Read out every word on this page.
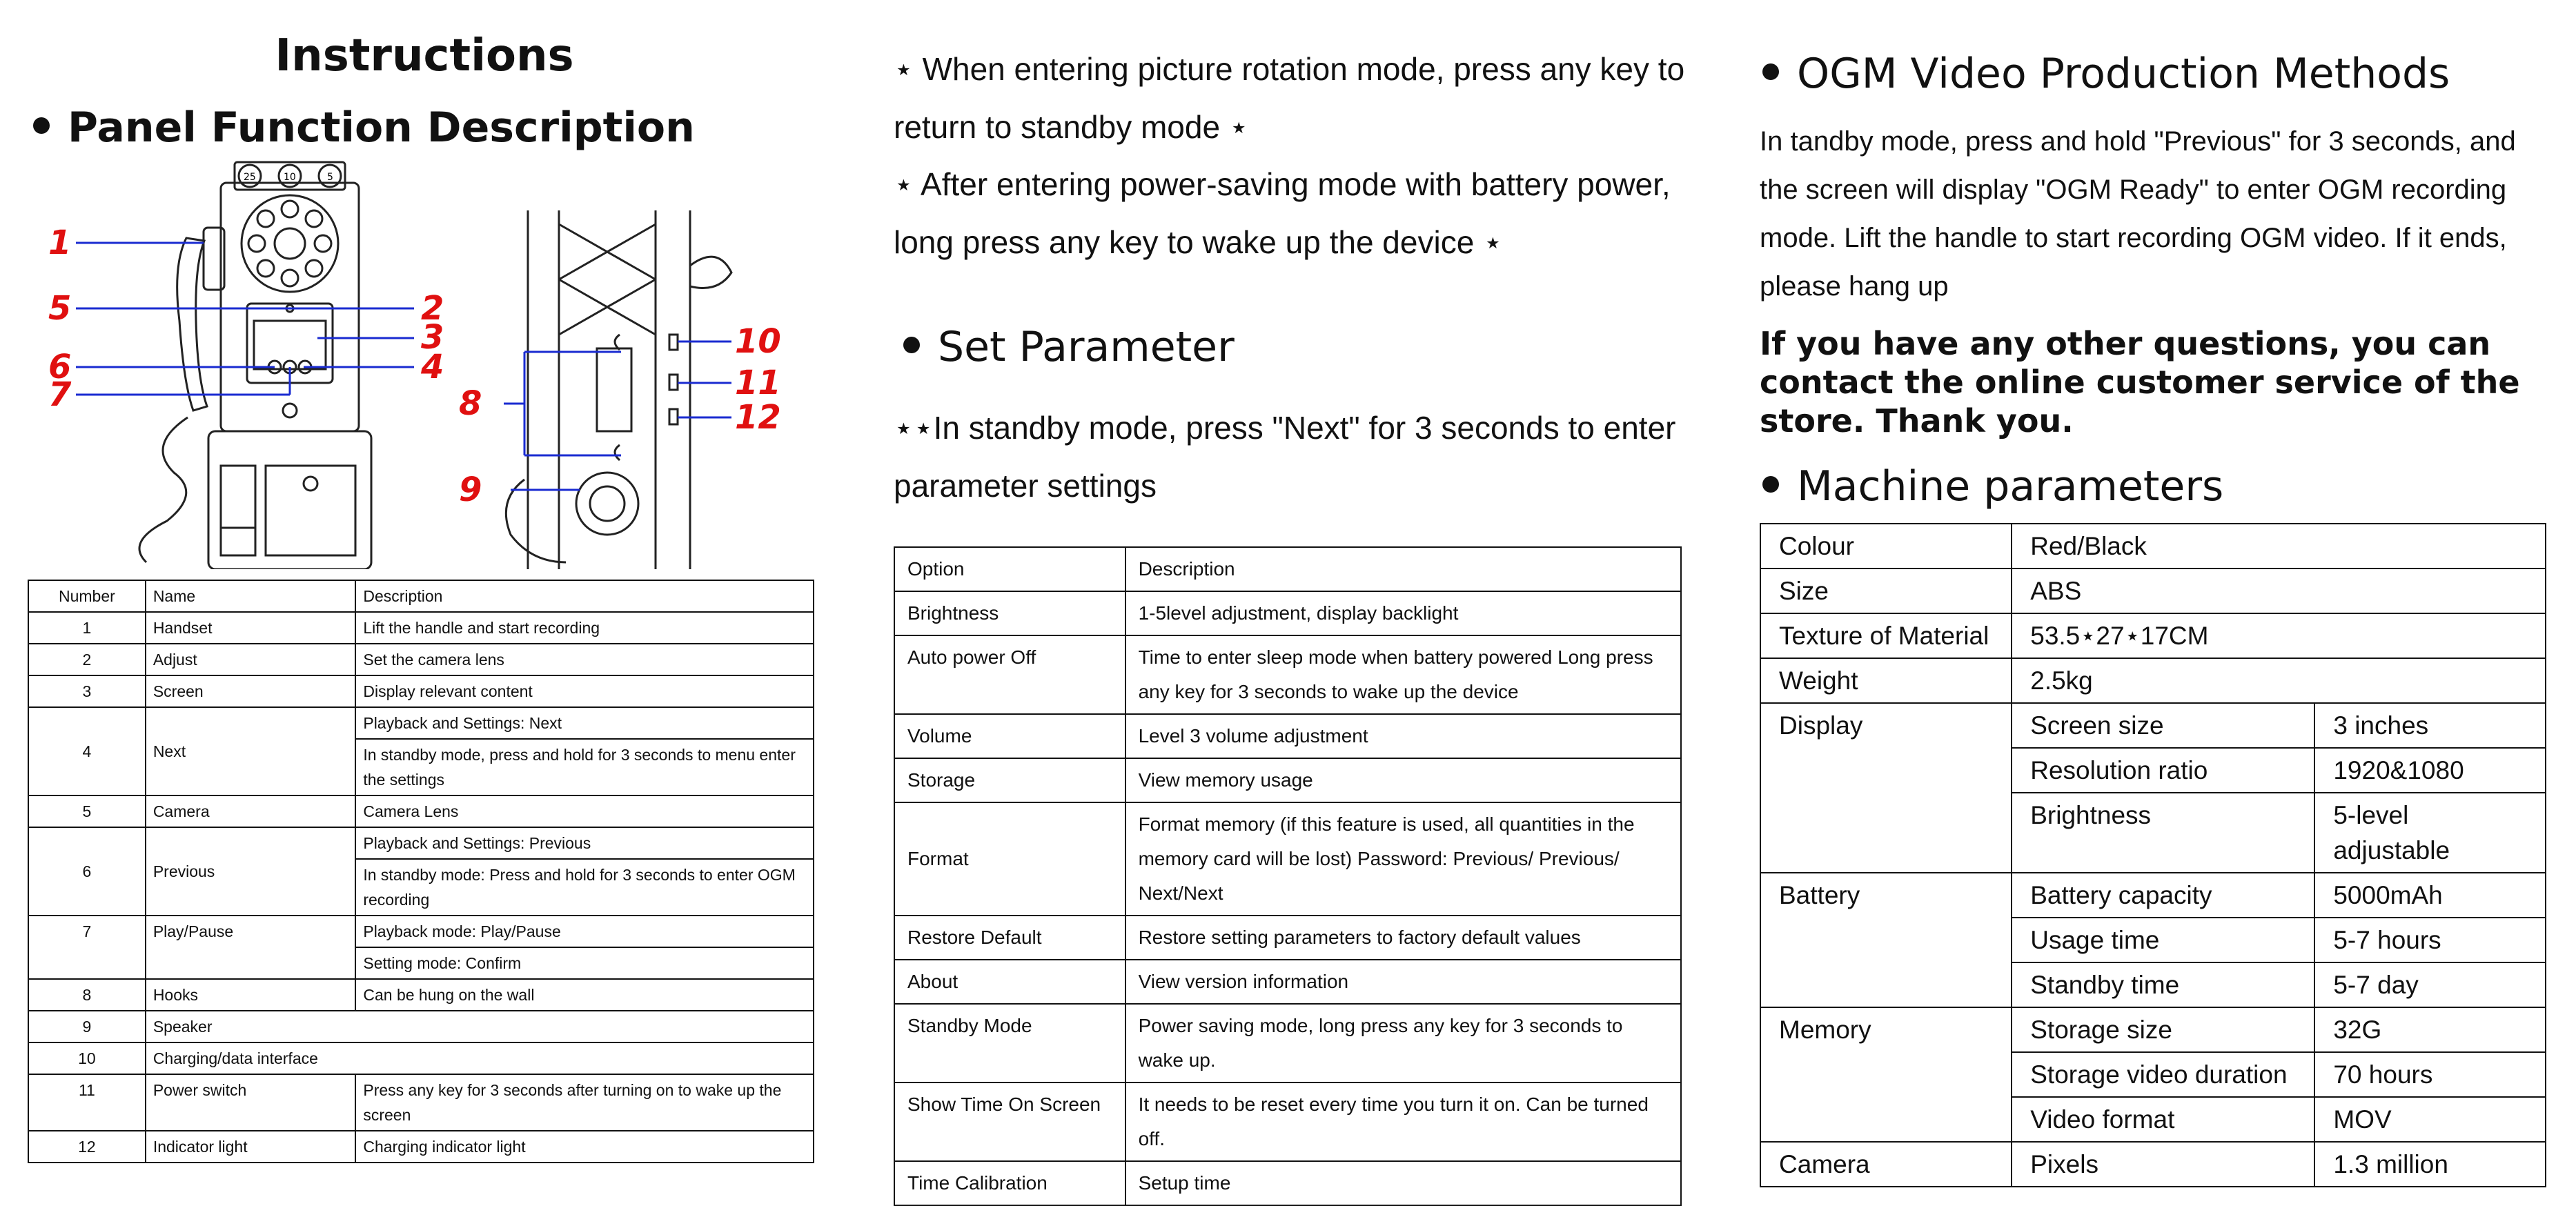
Instructions
Panel Function Description
1
2
3
4
5
6
7	8
9
10
11
12
25	10	5
Number	Name	Description
1	Handset	Lift the handle and start recording
2	Adjust	Set the camera lens
3	Screen	Display relevant content
4	Next	Playback and Settings: Next
		In standby mode, press and hold for 3 seconds to menu enter the settings
5	Camera	Camera Lens
6	Previous	Playback and Settings: Previous
		In standby mode: Press and hold for 3 seconds to enter OGM recording
7	Play/Pause	Playback mode: Play/Pause
		Setting mode: Confirm
8	Hooks	Can be hung on the wall
9	Speaker	
10	Charging/data interface	
11	Power switch	Press any key for 3 seconds after turning on to wake up the screen
12	Indicator light	Charging indicator light
⋆ When entering picture rotation mode, press any key to return to standby mode ⋆
⋆ After entering power-saving mode with battery power, long press any key to wake up the device ⋆
Set Parameter
⋆⋆In standby mode, press "Next" for 3 seconds to enter parameter settings
Option	Description
Brightness	1-5level adjustment, display backlight
Auto power Off	Time to enter sleep mode when battery powered Long press any key for 3 seconds to wake up the device
Volume	Level 3 volume adjustment
Storage	View memory usage
Format	Format memory (if this feature is used, all quantities in the memory card will be lost) Password: Previous/ Previous/ Next/Next
Restore Default	Restore setting parameters to factory default values
About	View version information
Standby Mode	Power saving mode, long press any key for 3 seconds to wake up.
Show Time On Screen	It needs to be reset every time you turn it on. Can be turned off.
Time Calibration	Setup time
OGM Video Production Methods
In tandby mode, press and hold "Previous" for 3 seconds, and the screen will display "OGM Ready" to enter OGM recording mode. Lift the handle to start recording OGM video. If it ends, please hang up
If you have any other questions, you can contact the online customer service of the store. Thank you.
Machine parameters
Colour	Red/Black	
Size	ABS	
Texture of Material	53.5⋆27⋆17CM	
Weight	2.5kg	
Display	Screen size	3 inches
	Resolution ratio	1920&1080
	Brightness	5-level adjustable
Battery	Battery capacity	5000mAh
	Usage time	5-7 hours
	Standby time	5-7 day
Memory	Storage size	32G
	Storage video duration	70 hours
	Video format	MOV
Camera	Pixels	1.3 million
